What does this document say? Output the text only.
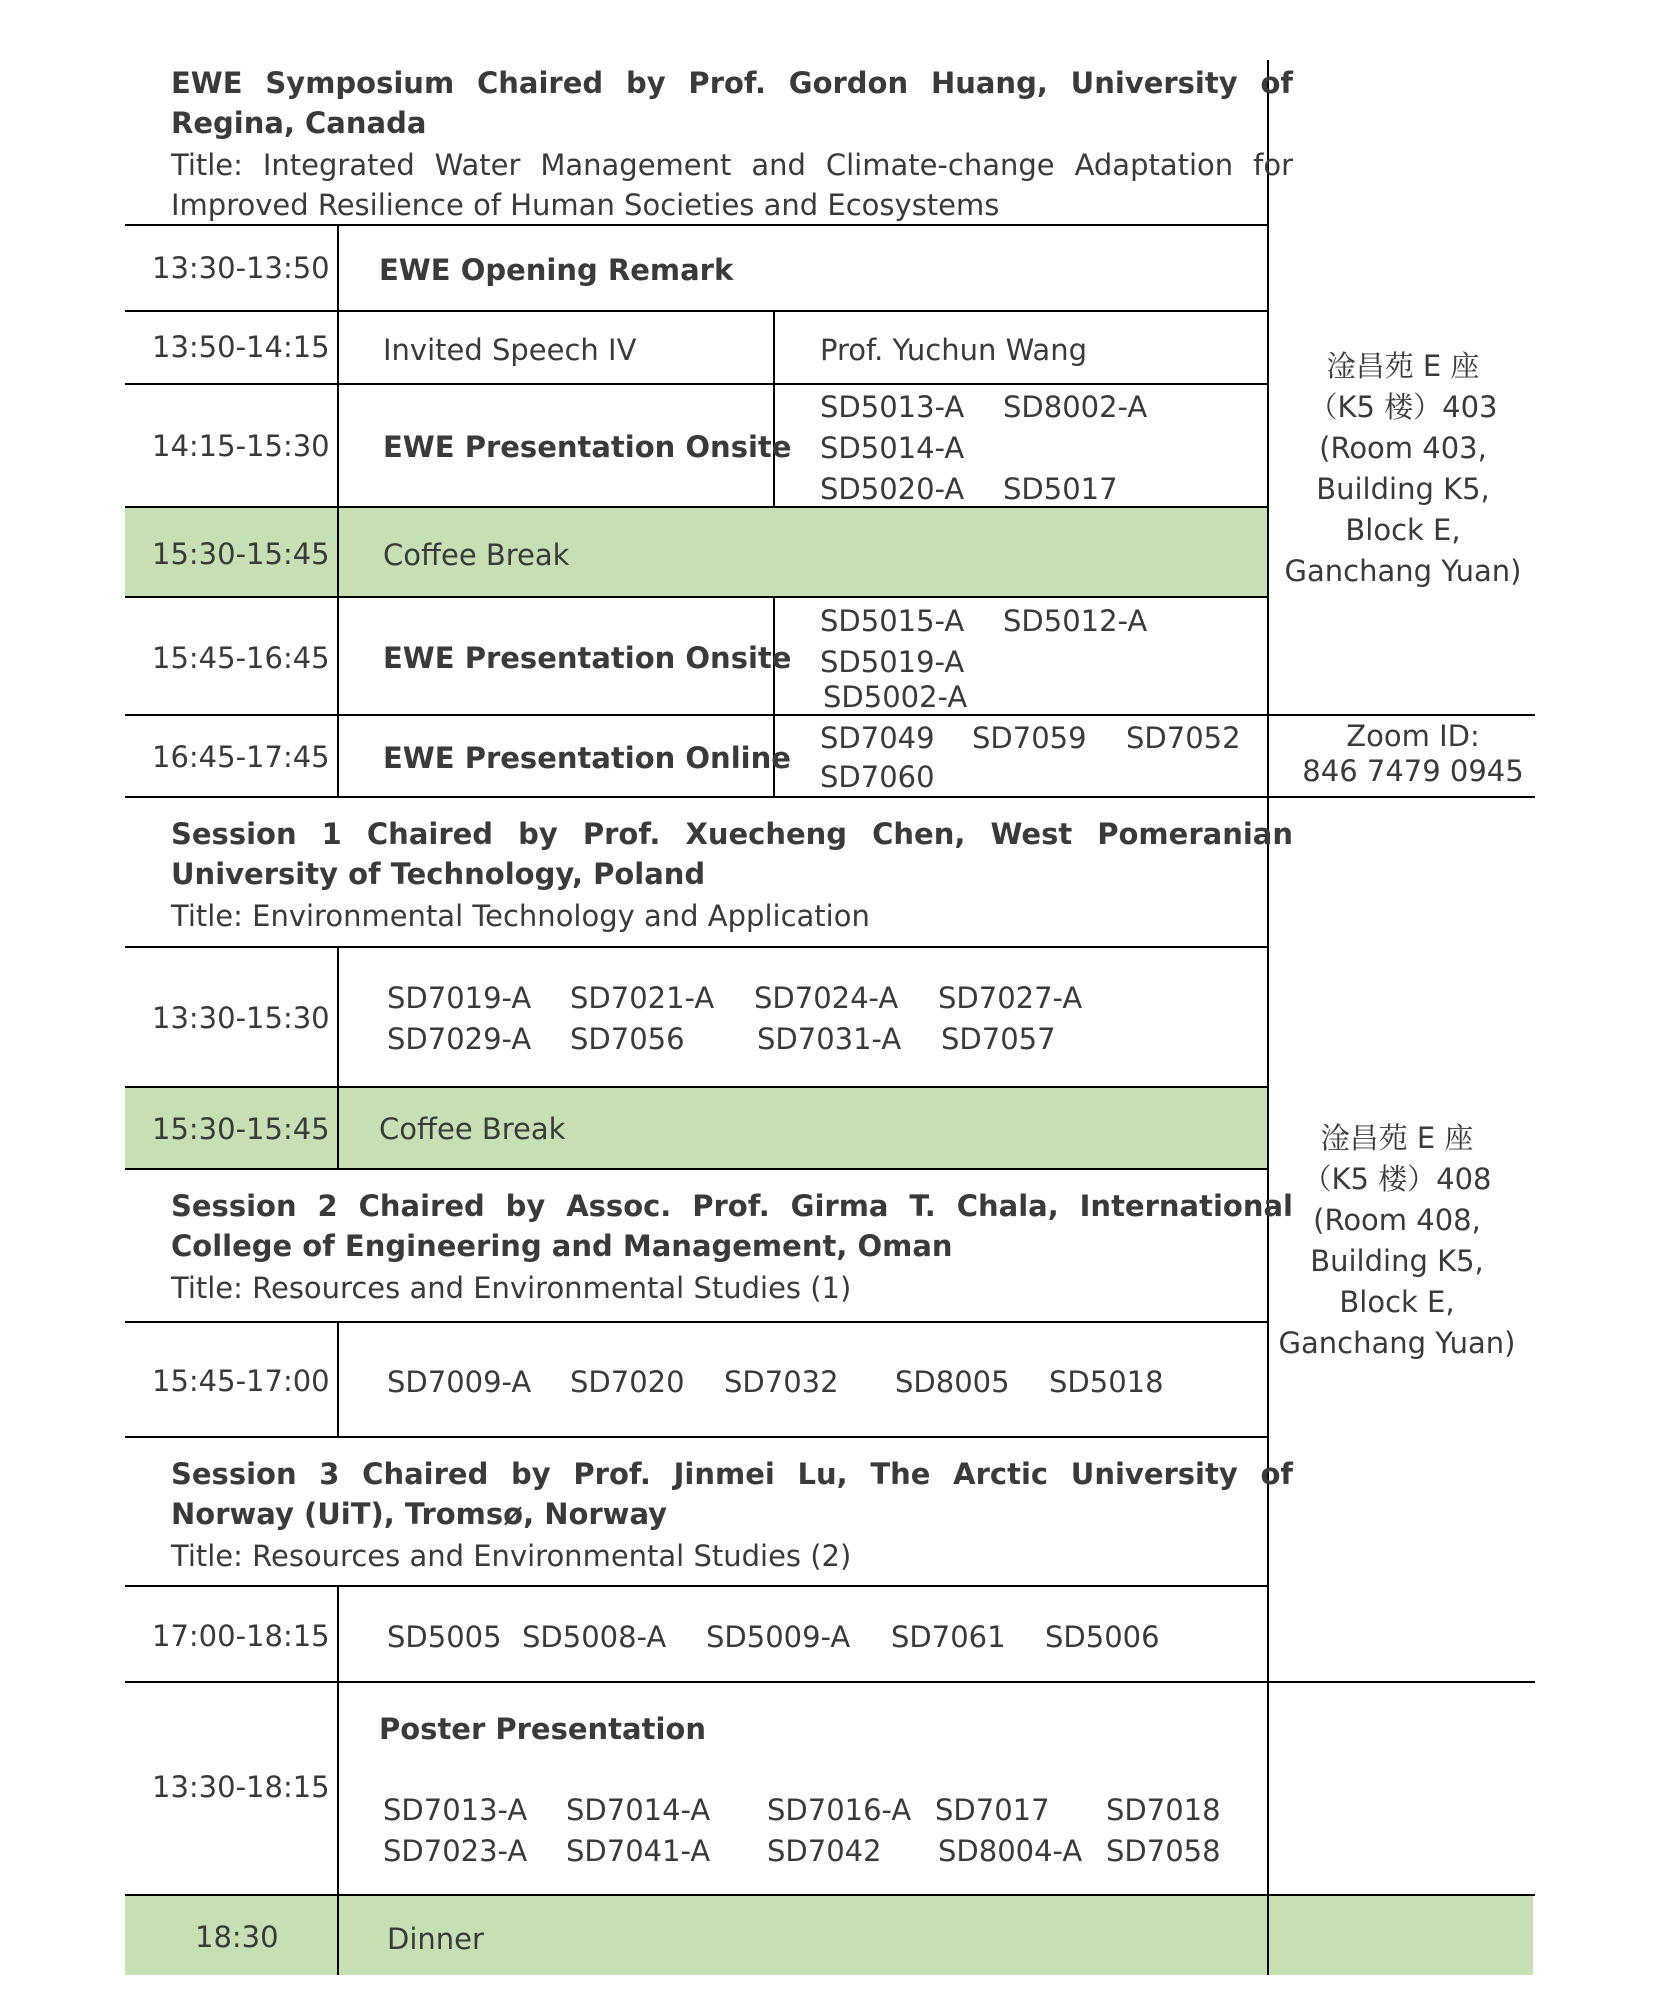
EWE Symposium Chaired by Prof. Gordon Huang, University of Regina, Canada
Title: Integrated Water Management and Climate-change Adaptation for Improved Resilience of Human Societies and Ecosystems
13:30-13:50 EWE Opening Remark
13:50-14:15 Invited Speech IV	Prof. Yuchun Wang
14:15-15:30 EWE Presentation Onsite
SD5013-A SD8002-A
SD5014-A
SD5020-A SD5017
15:30-15:45 Coffee Break
15:45-16:45 EWE Presentation Onsite
SD5015-A SD5012-A
SD5019-A
SD5002-A
16:45-17:45 EWE Presentation Online
SD7049 SD7059 SD7052
SD7060
淦昌苑 E 座
（K5 楼）403
(Room 403,
Building K5,
Block E,
Ganchang Yuan)
Zoom ID:
846 7479 0945
Session 1 Chaired by Prof. Xuecheng Chen, West Pomeranian University of Technology, Poland
Title: Environmental Technology and Application
13:30-15:30
SD7019-A SD7021-A SD7024-A SD7027-A
SD7029-A SD7056 SD7031-A SD7057
15:30-15:45 Coffee Break
Session 2 Chaired by Assoc. Prof. Girma T. Chala, International College of Engineering and Management, Oman
Title: Resources and Environmental Studies (1)
15:45-17:00 SD7009-A SD7020 SD7032 SD8005 SD5018
Session 3 Chaired by Prof. Jinmei Lu, The Arctic University of Norway (UiT), Tromsø, Norway
Title: Resources and Environmental Studies (2)
17:00-18:15 SD5005 SD5008-A SD5009-A SD7061 SD5006
淦昌苑 E 座
（K5 楼）408
(Room 408,
Building K5,
Block E,
Ganchang Yuan)
13:30-18:15
Poster Presentation
SD7013-A SD7014-A SD7016-A SD7017 SD7018
SD7023-A SD7041-A SD7042 SD8004-A SD7058
18:30	Dinner
